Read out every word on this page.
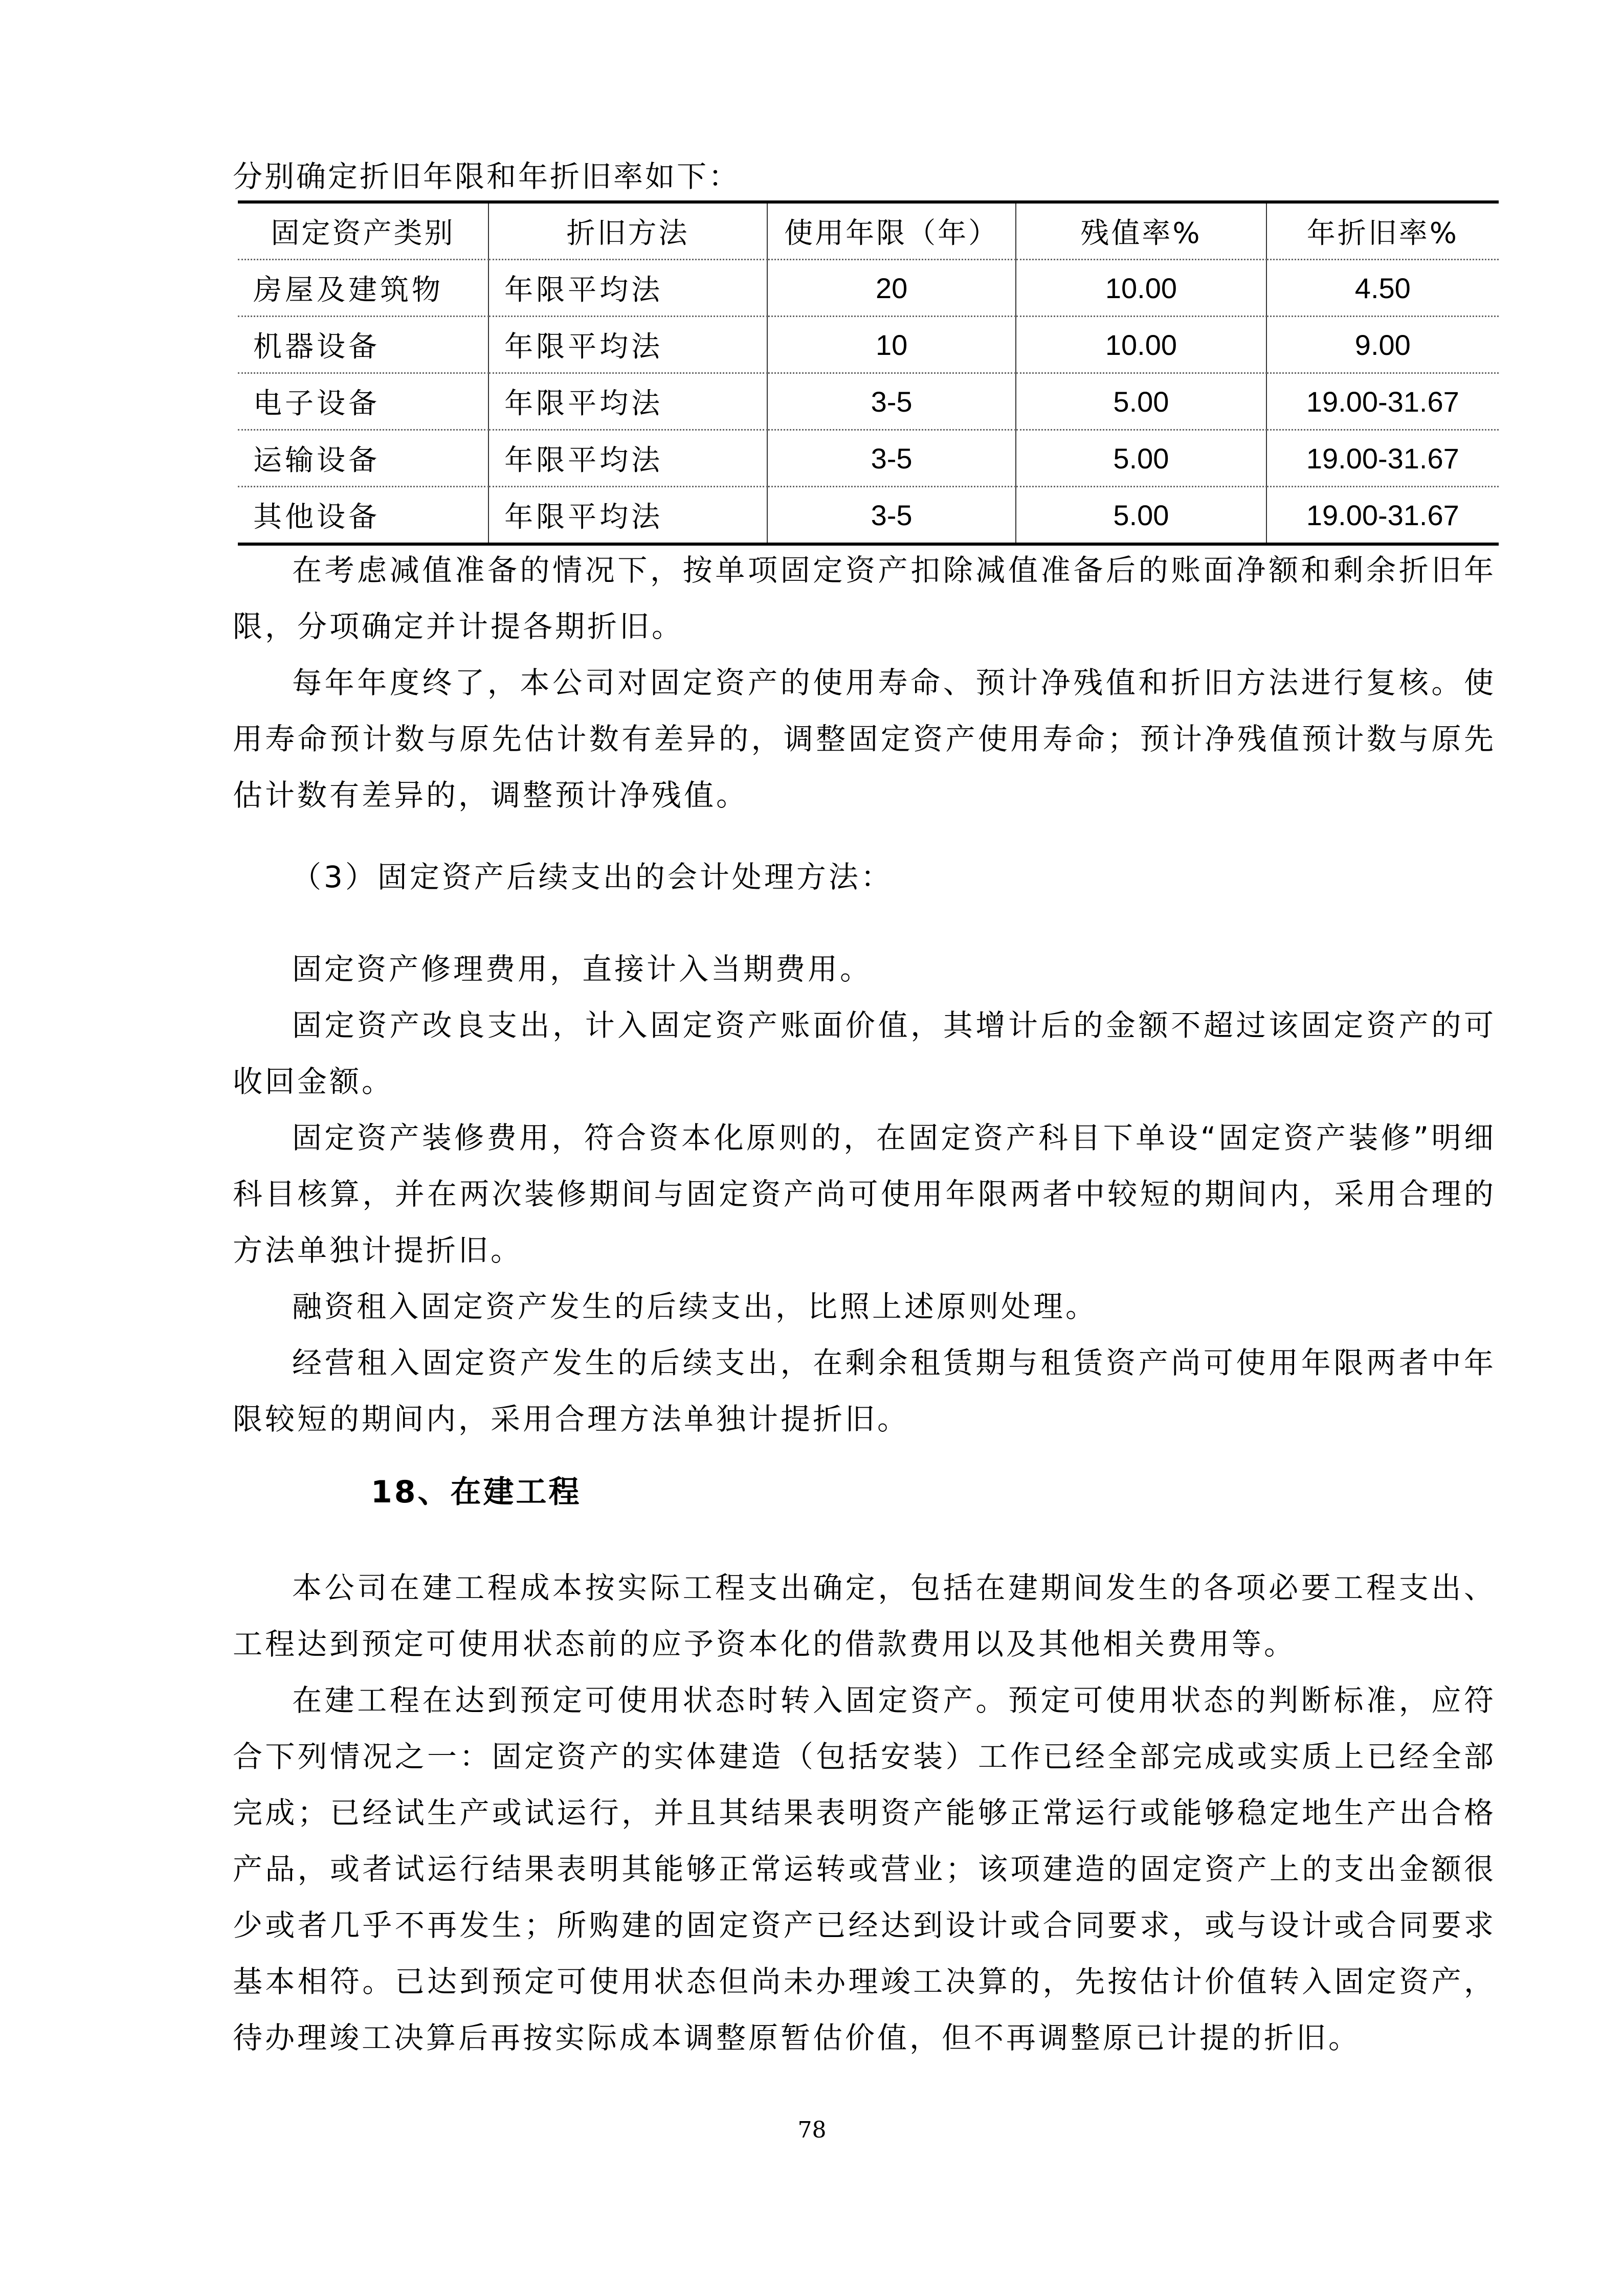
分别确定折旧年限和年折旧率如下：
固定资产类别	折旧方法	使用年限（年）	残值率%	年折旧率%
房屋及建筑物	年限平均法	20	10.00	4.50
机器设备	年限平均法	10	10.00	9.00
电子设备	年限平均法	3-5	5.00	19.00-31.67
运输设备	年限平均法	3-5	5.00	19.00-31.67
其他设备	年限平均法	3-5	5.00	19.00-31.67
在考虑减值准备的情况下，按单项固定资产扣除减值准备后的账面净额和剩余折旧年限，分项确定并计提各期折旧。
每年年度终了，本公司对固定资产的使用寿命、预计净残值和折旧方法进行复核。使用寿命预计数与原先估计数有差异的，调整固定资产使用寿命；预计净残值预计数与原先估计数有差异的，调整预计净残值。
（3）固定资产后续支出的会计处理方法：
固定资产修理费用，直接计入当期费用。
固定资产改良支出，计入固定资产账面价值，其增计后的金额不超过该固定资产的可收回金额。
固定资产装修费用，符合资本化原则的，在固定资产科目下单设“固定资产装修”明细科目核算，并在两次装修期间与固定资产尚可使用年限两者中较短的期间内，采用合理的方法单独计提折旧。
融资租入固定资产发生的后续支出，比照上述原则处理。
经营租入固定资产发生的后续支出，在剩余租赁期与租赁资产尚可使用年限两者中年限较短的期间内，采用合理方法单独计提折旧。
18、在建工程
本公司在建工程成本按实际工程支出确定，包括在建期间发生的各项必要工程支出、工程达到预定可使用状态前的应予资本化的借款费用以及其他相关费用等。
在建工程在达到预定可使用状态时转入固定资产。预定可使用状态的判断标准，应符合下列情况之一：固定资产的实体建造（包括安装）工作已经全部完成或实质上已经全部完成；已经试生产或试运行，并且其结果表明资产能够正常运行或能够稳定地生产出合格产品，或者试运行结果表明其能够正常运转或营业；该项建造的固定资产上的支出金额很少或者几乎不再发生；所购建的固定资产已经达到设计或合同要求，或与设计或合同要求基本相符。已达到预定可使用状态但尚未办理竣工决算的，先按估计价值转入固定资产，待办理竣工决算后再按实际成本调整原暂估价值，但不再调整原已计提的折旧。
78
